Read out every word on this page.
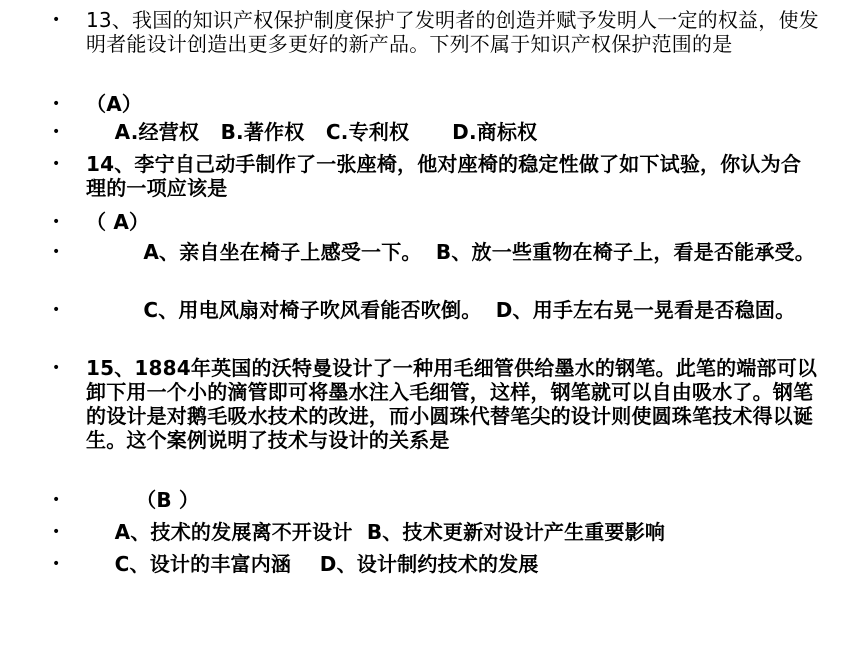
• 13、我国的知识产权保护制度保护了发明者的创造并赋予发明人一定的权益，使发明者能设计创造出更多更好的新产品。下列不属于知识产权保护范围的是
• （A）
• A.经营权   B.著作权   C.专利权      D.商标权
• 14、李宁自己动手制作了一张座椅，他对座椅的稳定性做了如下试验，你认为合理的一项应该是
• （ A）
• A、亲自坐在椅子上感受一下。  B、放一些重物在椅子上，看是否能承受。
• C、用电风扇对椅子吹风看能否吹倒。  D、用手左右晃一晃看是否稳固。
• 15、1884年英国的沃特曼设计了一种用毛细管供给墨水的钢笔。此笔的端部可以卸下用一个小的滴管即可将墨水注入毛细管，这样，钢笔就可以自由吸水了。钢笔的设计是对鹅毛吸水技术的改进，而小圆珠代替笔尖的设计则使圆珠笔技术得以诞生。这个案例说明了技术与设计的关系是
• （B ）
• A、技术的发展离不开设计  B、技术更新对设计产生重要影响
• C、设计的丰富内涵    D、设计制约技术的发展
